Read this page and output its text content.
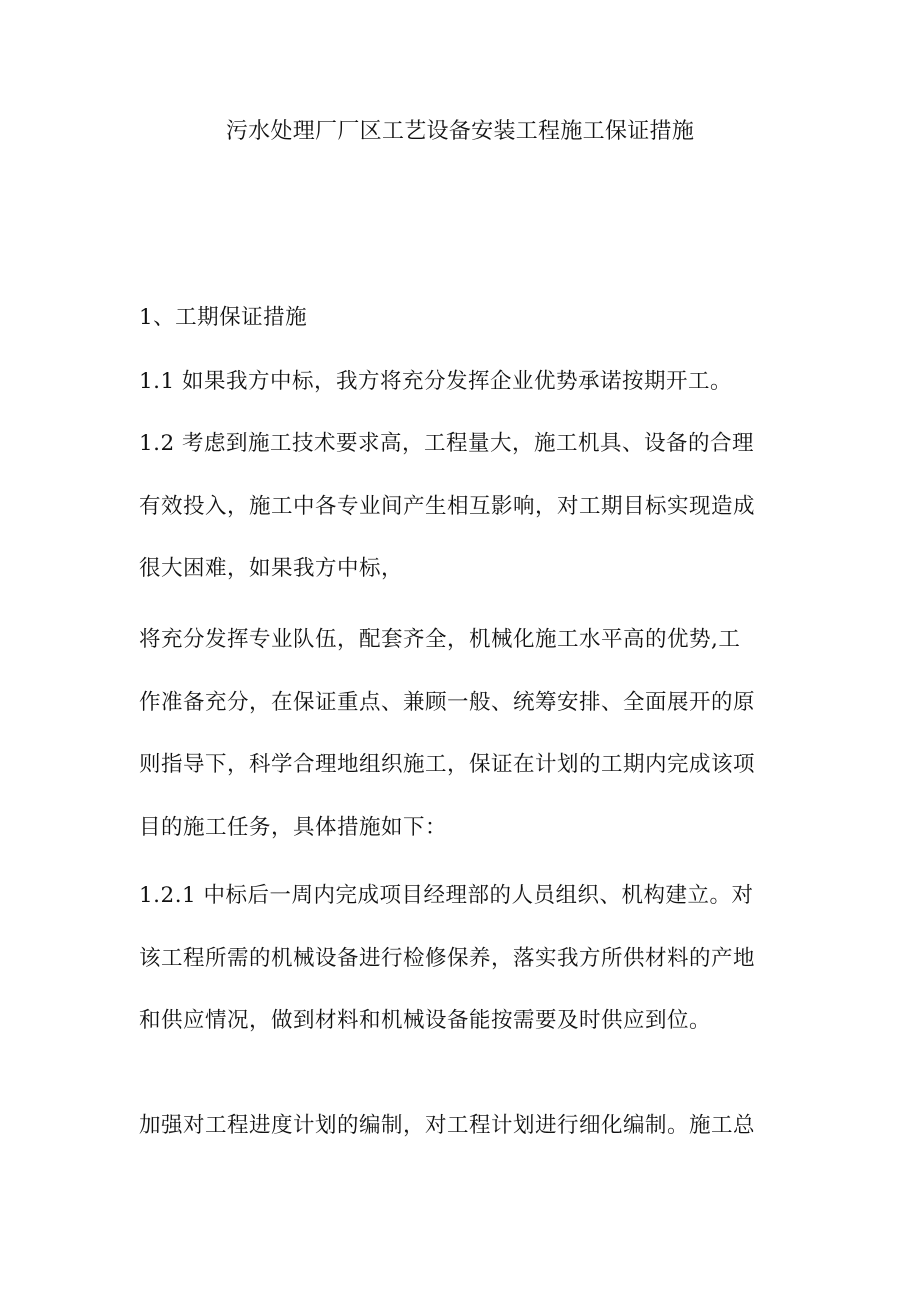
污水处理厂厂区工艺设备安装工程施工保证措施
1、工期保证措施
1.1 如果我方中标，我方将充分发挥企业优势承诺按期开工。
1.2 考虑到施工技术要求高，工程量大，施工机具、设备的合理
有效投入，施工中各专业间产生相互影响，对工期目标实现造成
很大困难，如果我方中标，
将充分发挥专业队伍，配套齐全，机械化施工水平高的优势,工
作准备充分，在保证重点、兼顾一般、统筹安排、全面展开的原
则指导下，科学合理地组织施工，保证在计划的工期内完成该项
目的施工任务，具体措施如下：
1.2.1 中标后一周内完成项目经理部的人员组织、机构建立。对
该工程所需的机械设备进行检修保养，落实我方所供材料的产地
和供应情况，做到材料和机械设备能按需要及时供应到位。
加强对工程进度计划的编制，对工程计划进行细化编制。施工总
